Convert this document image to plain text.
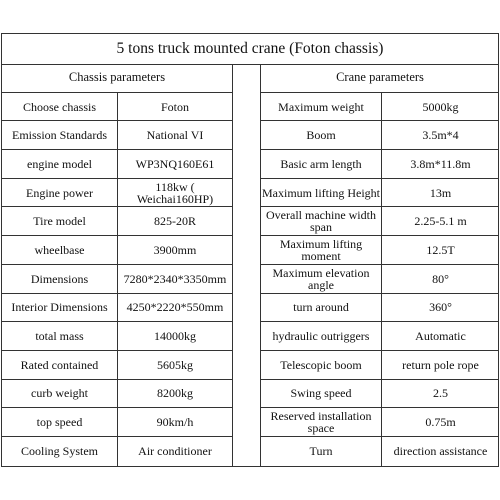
5 tons truck mounted crane (Foton chassis)
Chassis parameters
Choose chassis	Foton
Emission Standards	National VI
engine model	WP3NQ160E61
Engine power	118kw ( Weichai160HP)
Tire model	825-20R
wheelbase	3900mm
Dimensions	7280*2340*3350mm
Interior Dimensions	4250*2220*550mm
total mass	14000kg
Rated contained	5605kg
curb weight	8200kg
top speed	90km/h
Cooling System	Air conditioner
Crane parameters
Maximum weight	5000kg
Boom	3.5m*4
Basic arm length	3.8m*11.8m
Maximum lifting Height	13m
Overall machine width span	2.25-5.1 m
Maximum lifting moment	12.5T
Maximum elevation angle	80°
turn around	360°
hydraulic outriggers	Automatic
Telescopic boom	return pole rope
Swing speed	2.5
Reserved installation space	0.75m
Turn	direction assistance
